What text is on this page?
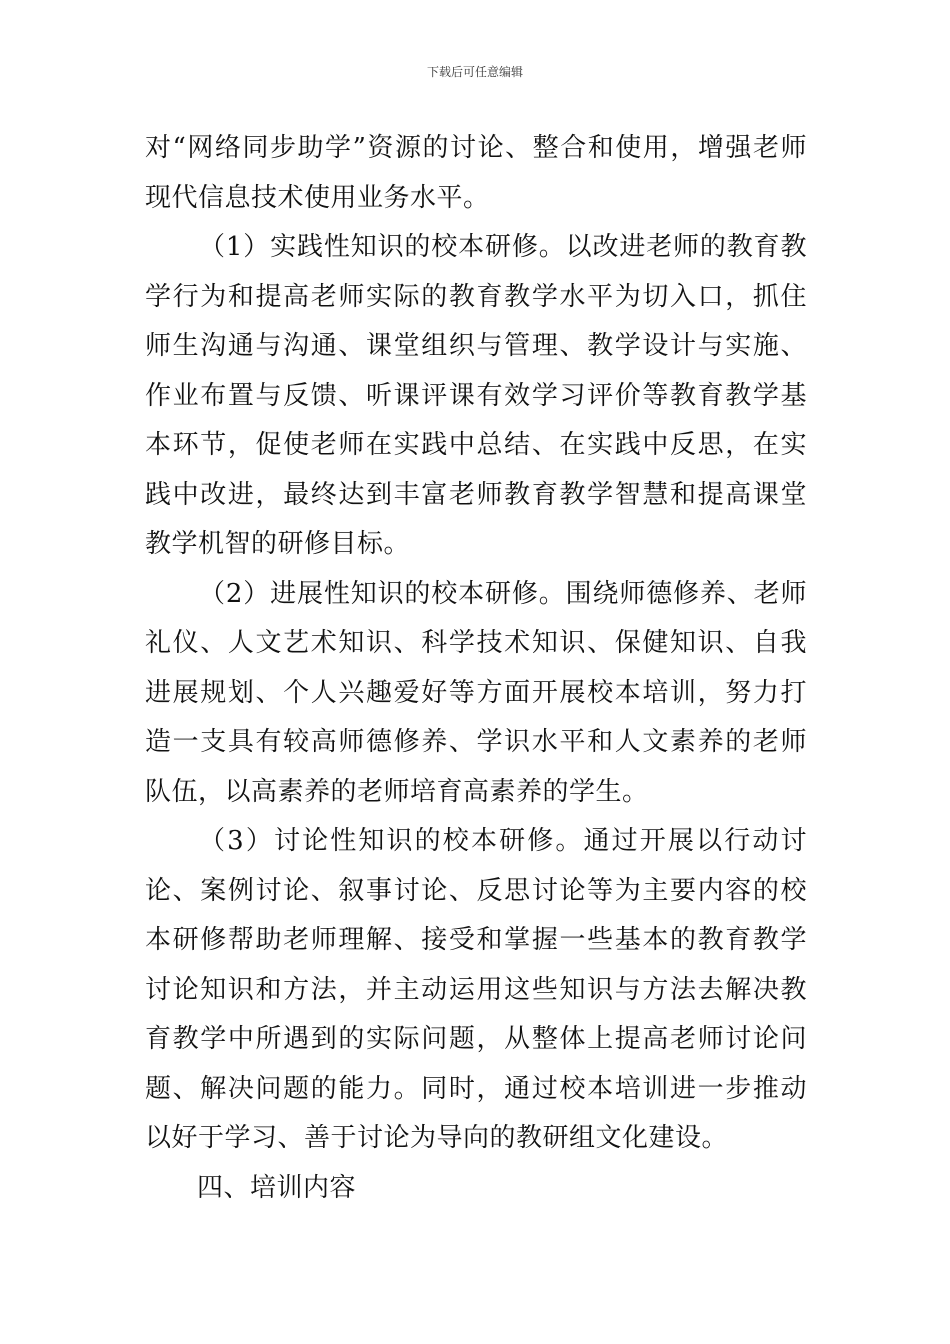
下载后可任意编辑

对“网络同步助学”资源的讨论、整合和使用，增强老师现代信息技术使用业务水平。

（1）实践性知识的校本研修。以改进老师的教育教学行为和提高老师实际的教育教学水平为切入口，抓住师生沟通与沟通、课堂组织与管理、教学设计与实施、作业布置与反馈、听课评课有效学习评价等教育教学基本环节，促使老师在实践中总结、在实践中反思，在实践中改进，最终达到丰富老师教育教学智慧和提高课堂教学机智的研修目标。

（2）进展性知识的校本研修。围绕师德修养、老师礼仪、人文艺术知识、科学技术知识、保健知识、自我进展规划、个人兴趣爱好等方面开展校本培训，努力打造一支具有较高师德修养、学识水平和人文素养的老师队伍，以高素养的老师培育高素养的学生。

（3）讨论性知识的校本研修。通过开展以行动讨论、案例讨论、叙事讨论、反思讨论等为主要内容的校本研修帮助老师理解、接受和掌握一些基本的教育教学讨论知识和方法，并主动运用这些知识与方法去解决教育教学中所遇到的实际问题，从整体上提高老师讨论问题、解决问题的能力。同时，通过校本培训进一步推动以好于学习、善于讨论为导向的教研组文化建设。

四、培训内容
